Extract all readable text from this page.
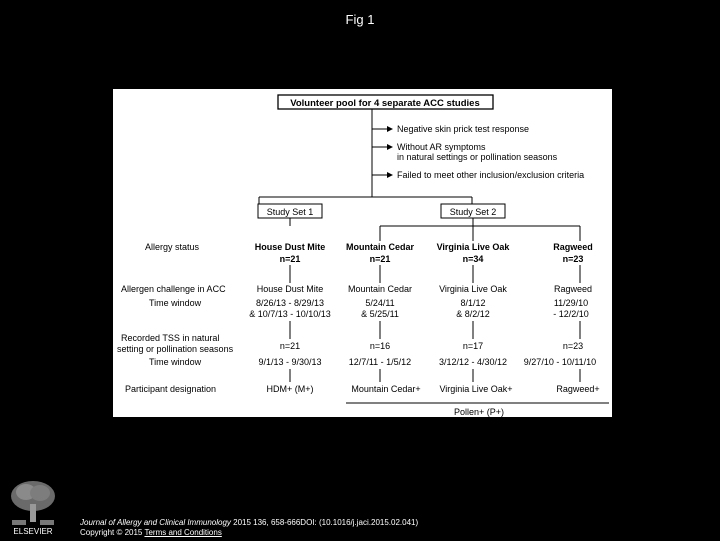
Fig 1
Volunteer pool for 4 separate ACC studies
Negative skin prick test response
Without AR symptoms
in natural settings or pollination seasons
Failed to meet other inclusion/exclusion criteria
Study Set 1	Study Set 2
Allergy status
Allergen challenge in ACC
Time window
Recorded TSS in natural
setting or pollination seasons
Time window
Participant designation
House Dust Mite
n=21
House Dust Mite
8/26/13 - 8/29/13
& 10/7/13 - 10/10/13
n=21
9/1/13 - 9/30/13
HDM+ (M+)
Mountain Cedar
n=21
Mountain Cedar
5/24/11
& 5/25/11
n=16
12/7/11 - 1/5/12
Mountain Cedar+
Virginia Live Oak
n=34
Virginia Live Oak
8/1/12
& 8/2/12
n=17
3/12/12 - 4/30/12
Virginia Live Oak+
Ragweed
n=23
Ragweed
11/29/10
- 12/2/10
n=23
9/27/10 - 10/11/10
Ragweed+
Pollen+ (P+)
ELSEVIER
Journal of Allergy and Clinical Immunology 2015 136, 658-666DOI: (10.1016/j.jaci.2015.02.041)
Copyright © 2015 Terms and Conditions
